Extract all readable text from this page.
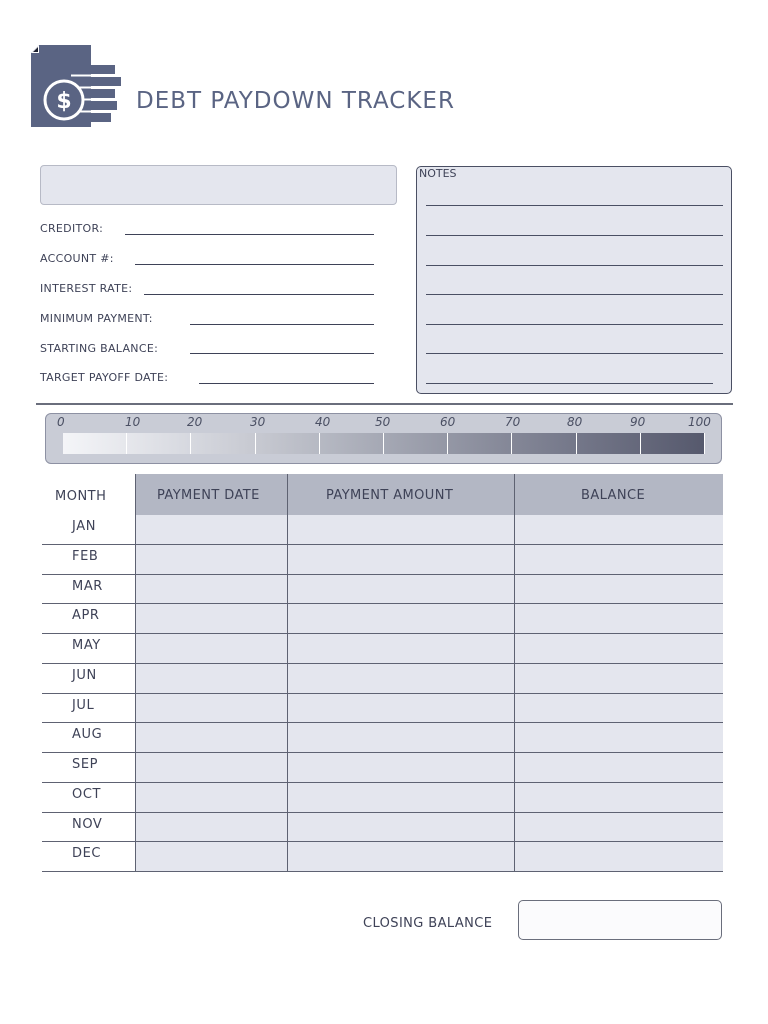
$	DEBT PAYDOWN TRACKER
CREDITOR:
ACCOUNT #:
INTEREST RATE:
MINIMUM PAYMENT:
STARTING BALANCE:
TARGET PAYOFF DATE:
NOTES
0	10	20	30	40	50	60	70	80	90	100
MONTH	PAYMENT DATE	PAYMENT AMOUNT	BALANCE
JAN
FEB
MAR
APR
MAY
JUN
JUL
AUG
SEP
OCT
NOV
DEC
CLOSING BALANCE
